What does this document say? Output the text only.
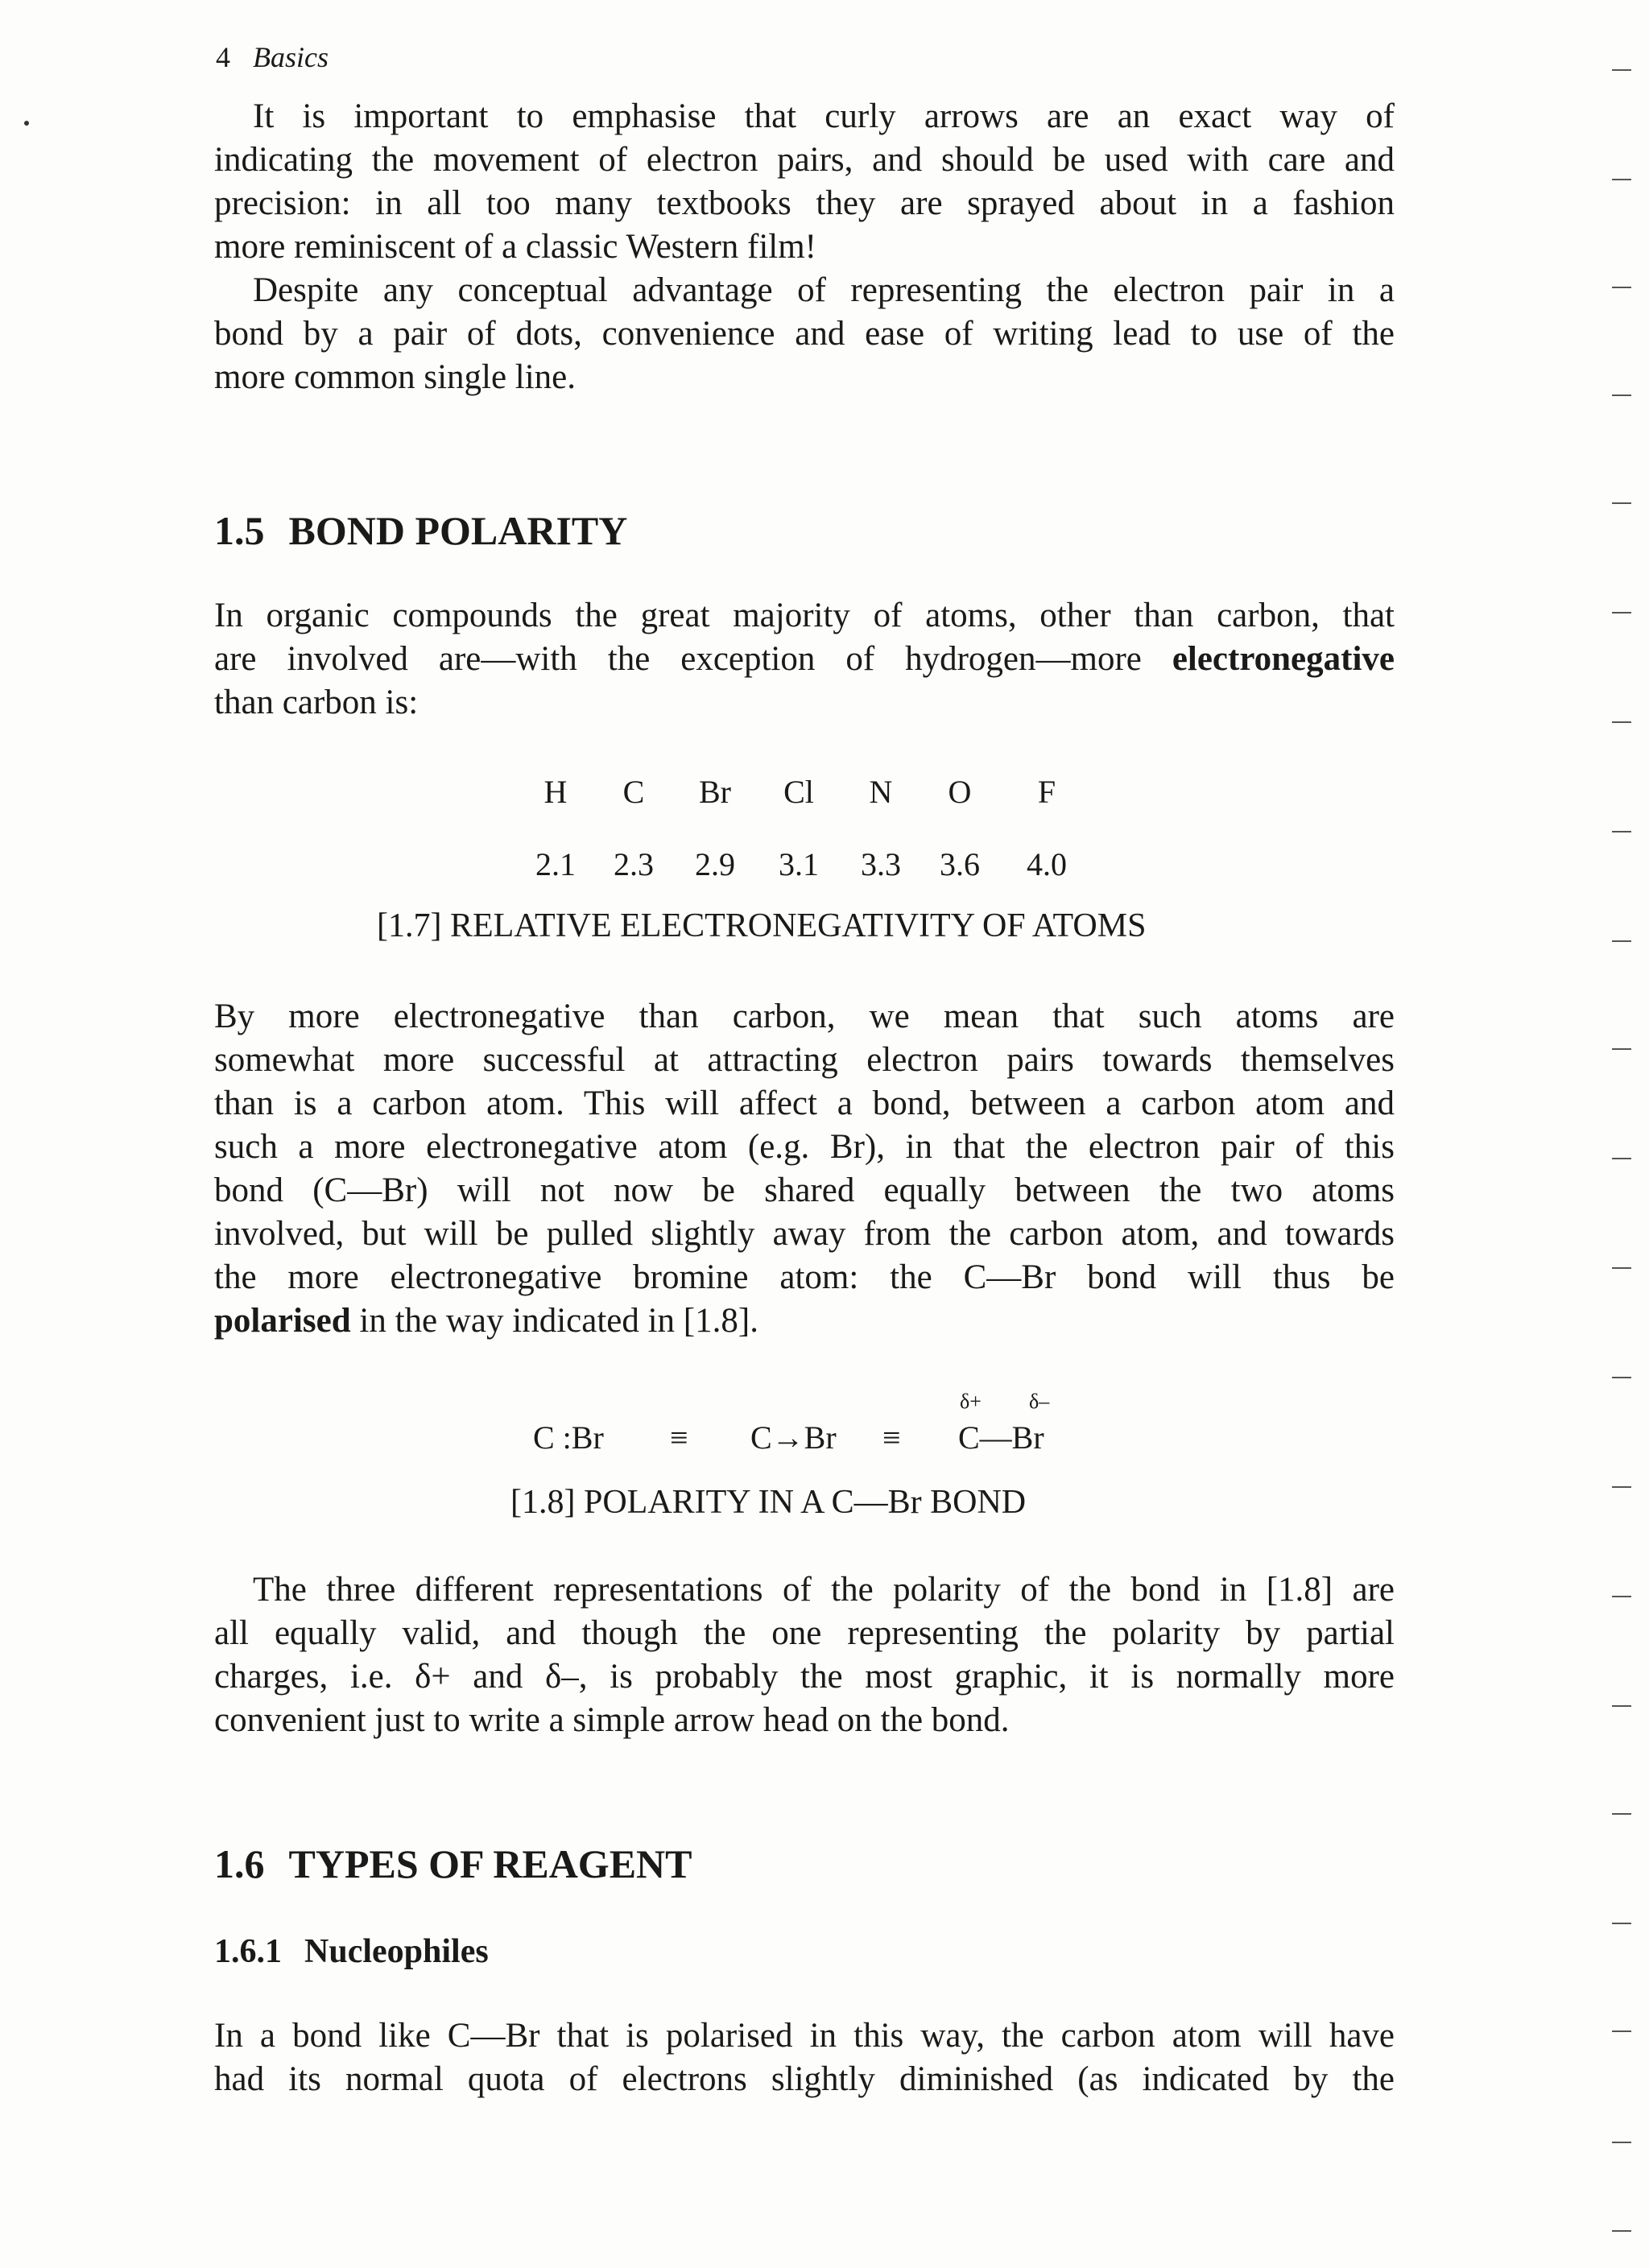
4 Basics
It is important to emphasise that curly arrows are an exact way of
indicating the movement of electron pairs, and should be used with care and
precision: in all too many textbooks they are sprayed about in a fashion
more reminiscent of a classic Western film!
Despite any conceptual advantage of representing the electron pair in a
bond by a pair of dots, convenience and ease of writing lead to use of the
more common single line.
1.5 BOND POLARITY
In organic compounds the great majority of atoms, other than carbon, that
are involved are—with the exception of hydrogen—more electronegative
than carbon is:
H	C	Br	Cl	N	O	F
2.1	2.3	2.9	3.1	3.3	3.6	4.0
[1.7] RELATIVE ELECTRONEGATIVITY OF ATOMS
By more electronegative than carbon, we mean that such atoms are
somewhat more successful at attracting electron pairs towards themselves
than is a carbon atom. This will affect a bond, between a carbon atom and
such a more electronegative atom (e.g. Br), in that the electron pair of this
bond (C—Br) will not now be shared equally between the two atoms
involved, but will be pulled slightly away from the carbon atom, and towards
the more electronegative bromine atom: the C—Br bond will thus be
polarised in the way indicated in [1.8].
δ+ δ–
C :Br ≡ C→Br ≡ C—Br
[1.8] POLARITY IN A C—Br BOND
The three different representations of the polarity of the bond in [1.8] are
all equally valid, and though the one representing the polarity by partial
charges, i.e. δ+ and δ–, is probably the most graphic, it is normally more
convenient just to write a simple arrow head on the bond.
1.6 TYPES OF REAGENT
1.6.1 Nucleophiles
In a bond like C—Br that is polarised in this way, the carbon atom will have
had its normal quota of electrons slightly diminished (as indicated by the
